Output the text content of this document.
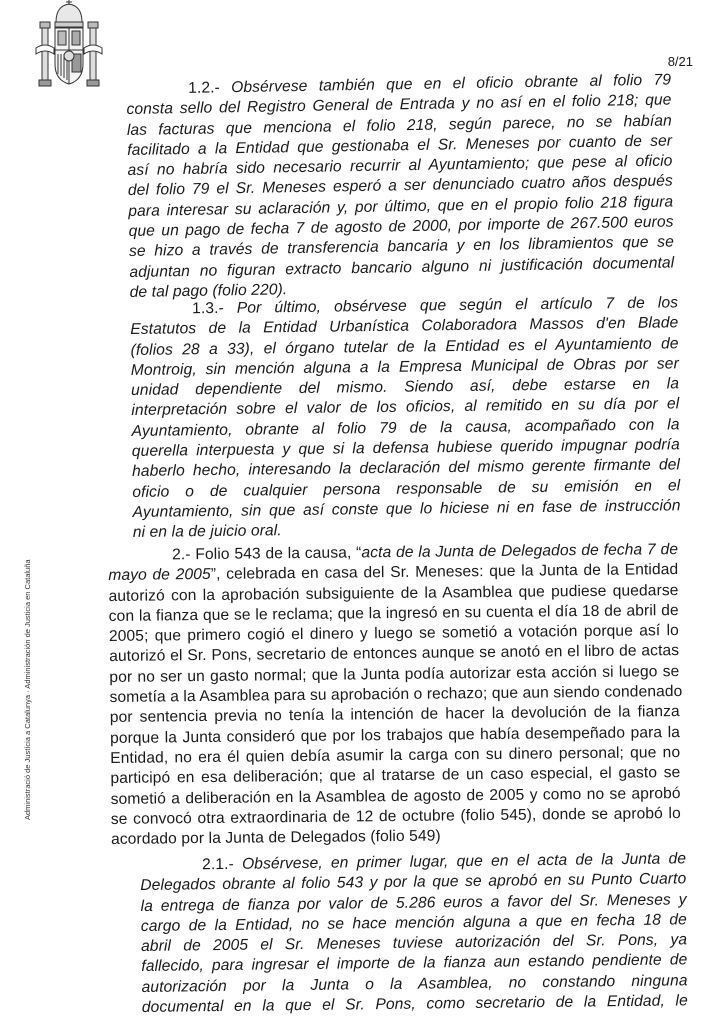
8/21
Administració de Justícia a Catalunya · Administración de Justicia en Cataluña
1.2.- Obsérvese también que en el oficio obrante al folio 79
consta sello del Registro General de Entrada y no así en el folio 218; que
las facturas que menciona el folio 218, según parece, no se habían
facilitado a la Entidad que gestionaba el Sr. Meneses por cuanto de ser
así no habría sido necesario recurrir al Ayuntamiento; que pese al oficio
del folio 79 el Sr. Meneses esperó a ser denunciado cuatro años después
para interesar su aclaración y, por último, que en el propio folio 218 figura
que un pago de fecha 7 de agosto de 2000, por importe de 267.500 euros
se hizo a través de transferencia bancaria y en los libramientos que se
adjuntan no figuran extracto bancario alguno ni justificación documental
de tal pago (folio 220).
1.3.- Por último, obsérvese que según el artículo 7 de los
Estatutos de la Entidad Urbanística Colaboradora Massos d'en Blade
(folios 28 a 33), el órgano tutelar de la Entidad es el Ayuntamiento de
Montroig, sin mención alguna a la Empresa Municipal de Obras por ser
unidad dependiente del mismo. Siendo así, debe estarse en la
interpretación sobre el valor de los oficios, al remitido en su día por el
Ayuntamiento, obrante al folio 79 de la causa, acompañado con la
querella interpuesta y que si la defensa hubiese querido impugnar podría
haberlo hecho, interesando la declaración del mismo gerente firmante del
oficio o de cualquier persona responsable de su emisión en el
Ayuntamiento, sin que así conste que lo hiciese ni en fase de instrucción
ni en la de juicio oral.
2.- Folio 543 de la causa, “acta de la Junta de Delegados de fecha 7 de
mayo de 2005”, celebrada en casa del Sr. Meneses: que la Junta de la Entidad
autorizó con la aprobación subsiguiente de la Asamblea que pudiese quedarse
con la fianza que se le reclama; que la ingresó en su cuenta el día 18 de abril de
2005; que primero cogió el dinero y luego se sometió a votación porque así lo
autorizó el Sr. Pons, secretario de entonces aunque se anotó en el libro de actas
por no ser un gasto normal; que la Junta podía autorizar esta acción si luego se
sometía a la Asamblea para su aprobación o rechazo; que aun siendo condenado
por sentencia previa no tenía la intención de hacer la devolución de la fianza
porque la Junta consideró que por los trabajos que había desempeñado para la
Entidad, no era él quien debía asumir la carga con su dinero personal; que no
participó en esa deliberación; que al tratarse de un caso especial, el gasto se
sometió a deliberación en la Asamblea de agosto de 2005 y como no se aprobó
se convocó otra extraordinaria de 12 de octubre (folio 545), donde se aprobó lo
acordado por la Junta de Delegados (folio 549)
2.1.- Obsérvese, en primer lugar, que en el acta de la Junta de
Delegados obrante al folio 543 y por la que se aprobó en su Punto Cuarto
la entrega de fianza por valor de 5.286 euros a favor del Sr. Meneses y
cargo de la Entidad, no se hace mención alguna a que en fecha 18 de
abril de 2005 el Sr. Meneses tuviese autorización del Sr. Pons, ya
fallecido, para ingresar el importe de la fianza aun estando pendiente de
autorización por la Junta o la Asamblea, no constando ninguna
documental en la que el Sr. Pons, como secretario de la Entidad, le
